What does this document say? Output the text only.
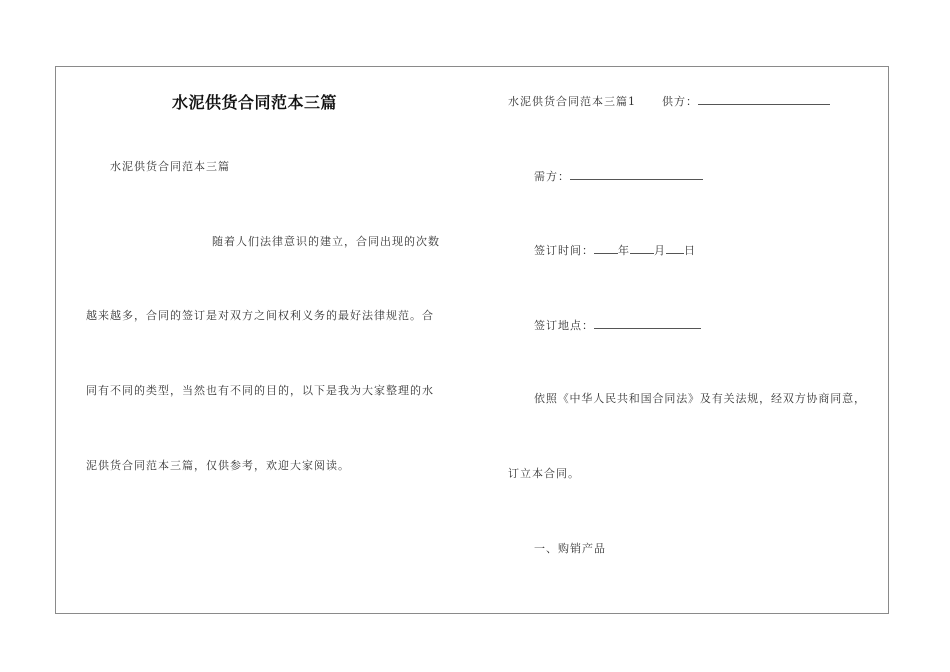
水泥供货合同范本三篇
水泥供货合同范本三篇
随着人们法律意识的建立，合同出现的次数
越来越多，合同的签订是对双方之间权利义务的最好法律规范。合
同有不同的类型，当然也有不同的目的，以下是我为大家整理的水
泥供货合同范本三篇，仅供参考，欢迎大家阅读。
水泥供货合同范本三篇1 供方：
需方：
签订时间： 年 月 日
签订地点：
依照《中华人民共和国合同法》及有关法规，经双方协商同意，
订立本合同。
一、购销产品
